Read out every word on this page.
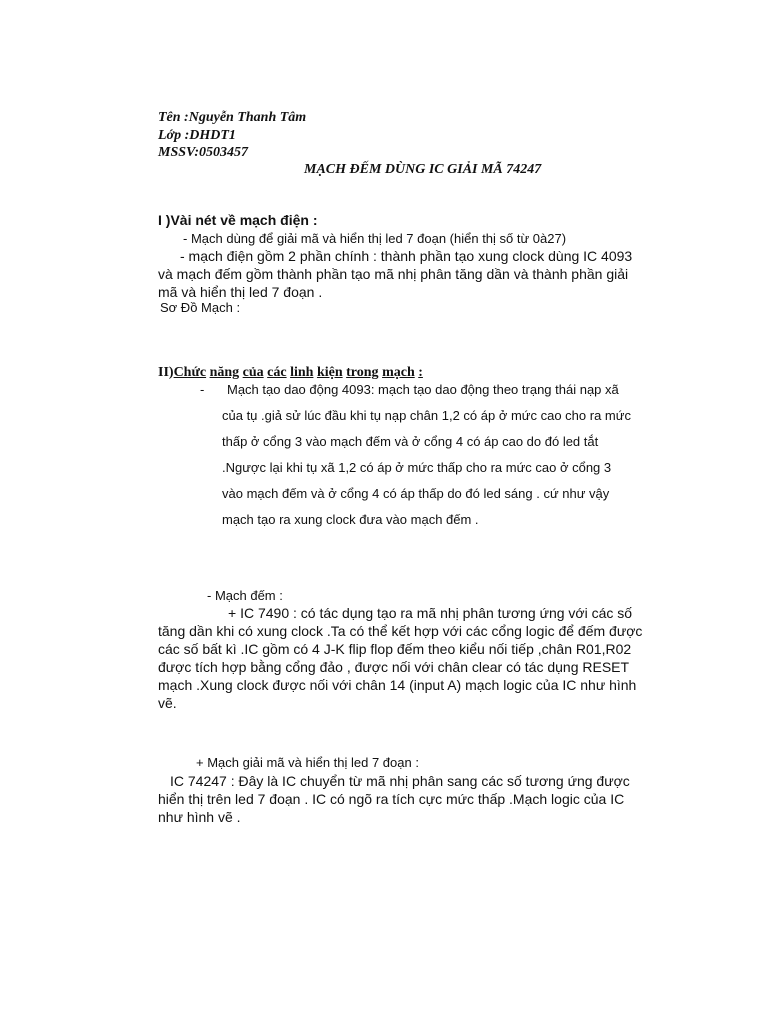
Tên :Nguyễn Thanh Tâm
Lớp :DHDT1
MSSV:0503457
MẠCH ĐẾM DÙNG IC GIẢI MÃ 74247
I )Vài nét về mạch điện :
- Mạch dùng để giải mã và hiển thị led 7 đoạn (hiển thị số từ 0à27)
- mạch điện gồm 2 phần chính : thành phần tạo xung clock dùng IC 4093 và mạch đếm gồm thành phần tạo mã nhị phân tăng dần và thành phần giải mã và hiển thị led 7 đoạn .
Sơ Đồ Mạch :
II)Chức năng của các linh kiện trong mạch :
- Mạch tạo dao động 4093: mạch tạo dao động theo trạng thái nạp xã
của tụ .giả sử lúc đầu khi tụ nạp chân 1,2 có áp ở mức cao cho ra mức
thấp ở cổng 3 vào mạch đếm và ở cổng 4 có áp cao do đó led tắt
.Ngược lại khi tụ xã 1,2 có áp ở mức thấp cho ra mức cao ở cổng 3
vào mạch đếm và ở cổng 4 có áp thấp do đó led sáng . cứ như vậy
mạch tạo ra xung clock đưa vào mạch đếm .
- Mạch đếm :
+ IC 7490 : có tác dụng tạo ra mã nhị phân tương ứng với các số tăng dần khi có xung clock .Ta có thể kết hợp với các cổng logic để đếm được các số bất kì .IC gồm có 4 J-K flip flop đếm theo kiểu nối tiếp ,chân R01,R02 được tích hợp bằng cổng đảo , được nối với chân clear có tác dụng RESET mạch .Xung clock được nối với chân 14 (input A) mạch logic của IC như hình vẽ.
+ Mạch giải mã và hiển thị led 7 đoạn :
IC 74247 : Đây là IC chuyển từ mã nhị phân sang các số tương ứng được hiển thị trên led 7 đoạn . IC có ngõ ra tích cực mức thấp .Mạch logic của IC như hình vẽ .
